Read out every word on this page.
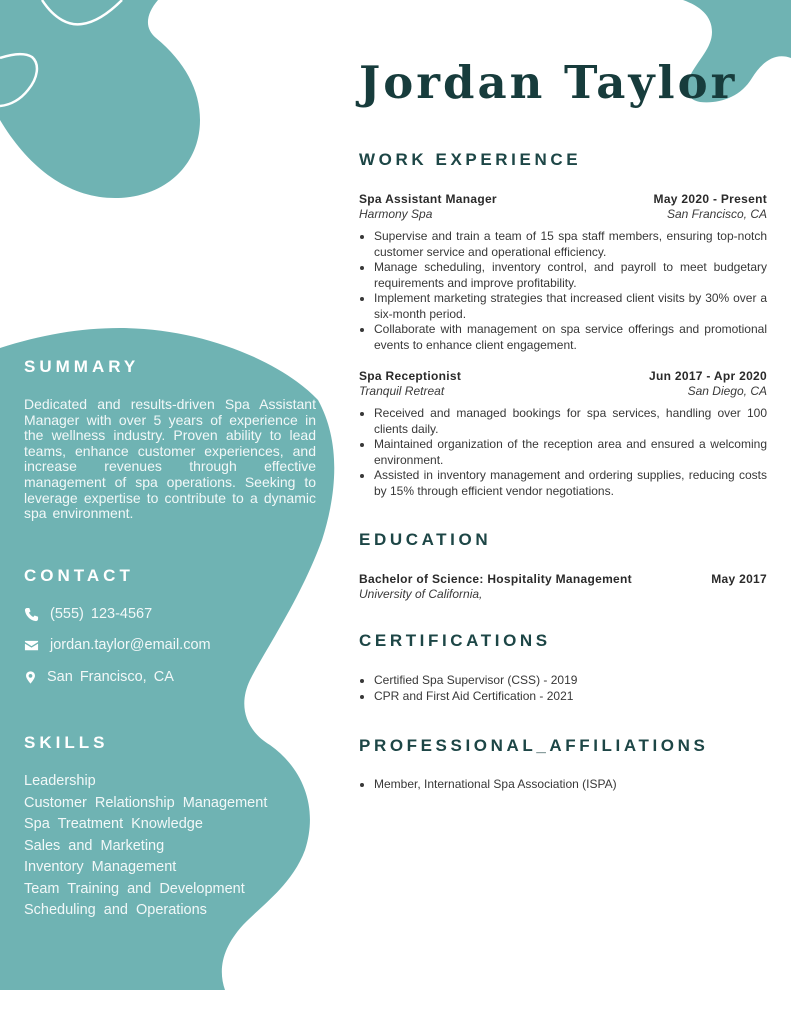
SUMMARY

Dedicated and results-driven Spa Assistant Manager with over 5 years of experience in the wellness industry. Proven ability to lead teams, enhance customer experiences, and increase revenues through effective management of spa operations. Seeking to leverage expertise to contribute to a dynamic spa environment.

CONTACT
(555) 123-4567
jordan.taylor@email.com
San Francisco, CA
SKILLS
Leadership
Customer Relationship Management
Spa Treatment Knowledge
Sales and Marketing
Inventory Management
Team Training and Development
Scheduling and Operations
Jordan Taylor
WORK EXPERIENCE
Spa Assistant Manager	May 2020 - Present
Harmony Spa	San Francisco, CA
• Supervise and train a team of 15 spa staff members, ensuring top-notch customer service and operational efficiency.
• Manage scheduling, inventory control, and payroll to meet budgetary requirements and improve profitability.
• Implement marketing strategies that increased client visits by 30% over a six-month period.
• Collaborate with management on spa service offerings and promotional events to enhance client engagement.
Spa Receptionist	Jun 2017 - Apr 2020
Tranquil Retreat	San Diego, CA
• Received and managed bookings for spa services, handling over 100 clients daily.
• Maintained organization of the reception area and ensured a welcoming environment.
• Assisted in inventory management and ordering supplies, reducing costs by 15% through efficient vendor negotiations.
EDUCATION
Bachelor of Science: Hospitality Management	May 2017
University of California,
CERTIFICATIONS
• Certified Spa Supervisor (CSS) - 2019
• CPR and First Aid Certification - 2021
PROFESSIONAL_AFFILIATIONS
• Member, International Spa Association (ISPA)
